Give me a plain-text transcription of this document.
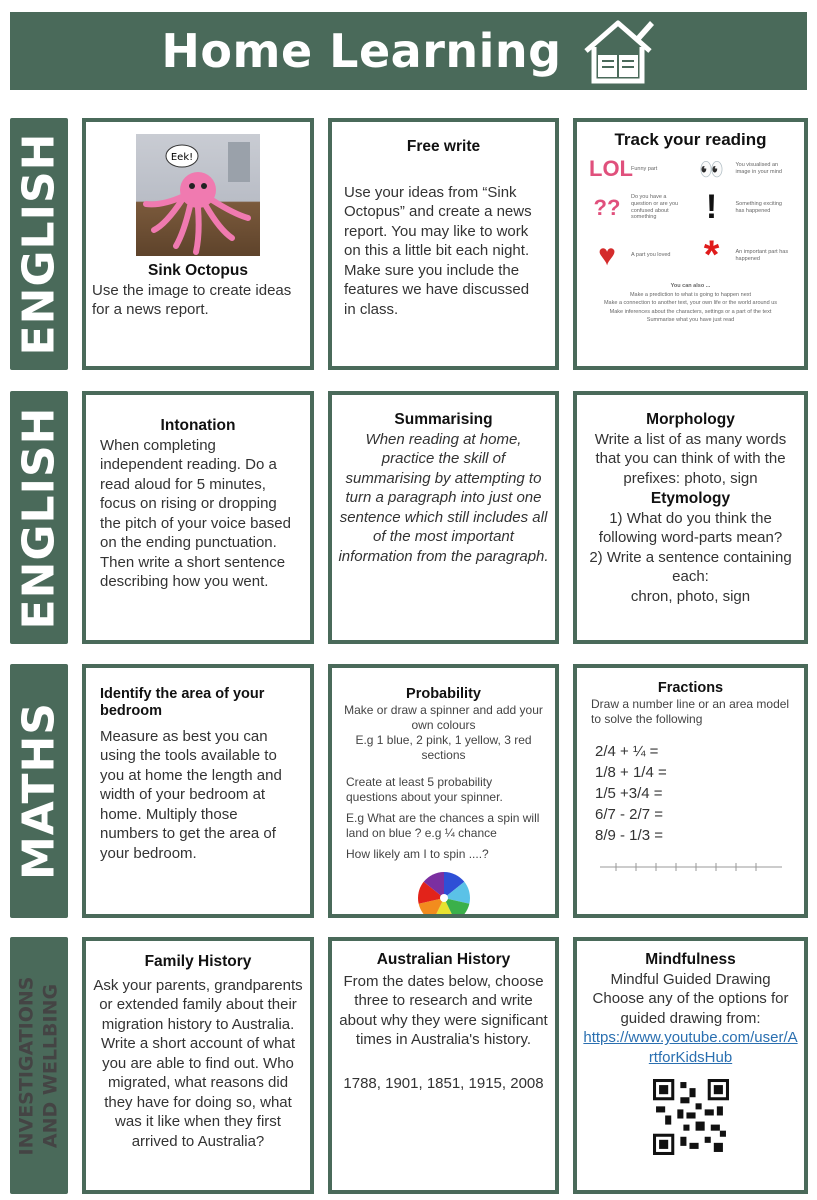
Home Learning
ENGLISH
ENGLISH
MATHS
INVESTIGATIONS AND WELLBING
Eek!
Sink Octopus
Use the image to create ideas for a news report.
Free write
Use your ideas from “Sink Octopus” and create a news report. You may like to work on this a little bit each night. Make sure you include the features we have discussed in class.
Track your reading
LOL
Funny part	👀	You visualised an image in your mind
??	Do you have a question or are you confused about something	!	Something exciting has happened
♥	A part you loved *	An important part has happened
You can also ...
Make a prediction to what is going to happen next
Make a connection to another text, your own life or the world around us
Make inferences about the characters, settings or a part of the text
Summarise what you have just read
Intonation
When completing independent reading. Do a read aloud for 5 minutes, focus on rising or dropping the pitch of your voice based on the ending punctuation. Then write a short sentence describing how you went.
Summarising
When reading at home, practice the skill of summarising by attempting to turn a paragraph into just one sentence which still includes all of the most important information from the paragraph.
Morphology
Write a list of as many words that you can think of with the prefixes: photo, sign
Etymology
1) What do you think the following word-parts mean?
2) Write a sentence containing each:
chron, photo, sign
Identify the area of your bedroom
Measure as best you can using the tools available to you at home the length and width of your bedroom at home. Multiply those numbers to get the area of your bedroom.
Probability
Make or draw a spinner and add your own colours
E.g 1 blue, 2 pink, 1 yellow, 3 red sections
Create at least 5 probability questions about your spinner.
E.g What are the chances a spin will land on blue ? e.g ¼ chance
How likely am I to spin ....?
Fractions
Draw a number line or an area model to solve the following
2/4 + ¼ =
1/8 + 1/4 =
1/5 +3/4 =
6/7 - 2/7 =
8/9 - 1/3 =
Family History
Ask your parents, grandparents or extended family about their migration history to Australia. Write a short account of what you are able to find out. Who migrated, what reasons did they have for doing so, what was it like when they first arrived to Australia?
Australian History
From the dates below, choose three to research and write about why they were significant times in Australia's history.
1788, 1901, 1851, 1915, 2008
Mindfulness
Mindful Guided Drawing Choose any of the options for guided drawing from:
https://www.youtube.com/user/ArtforKidsHub
